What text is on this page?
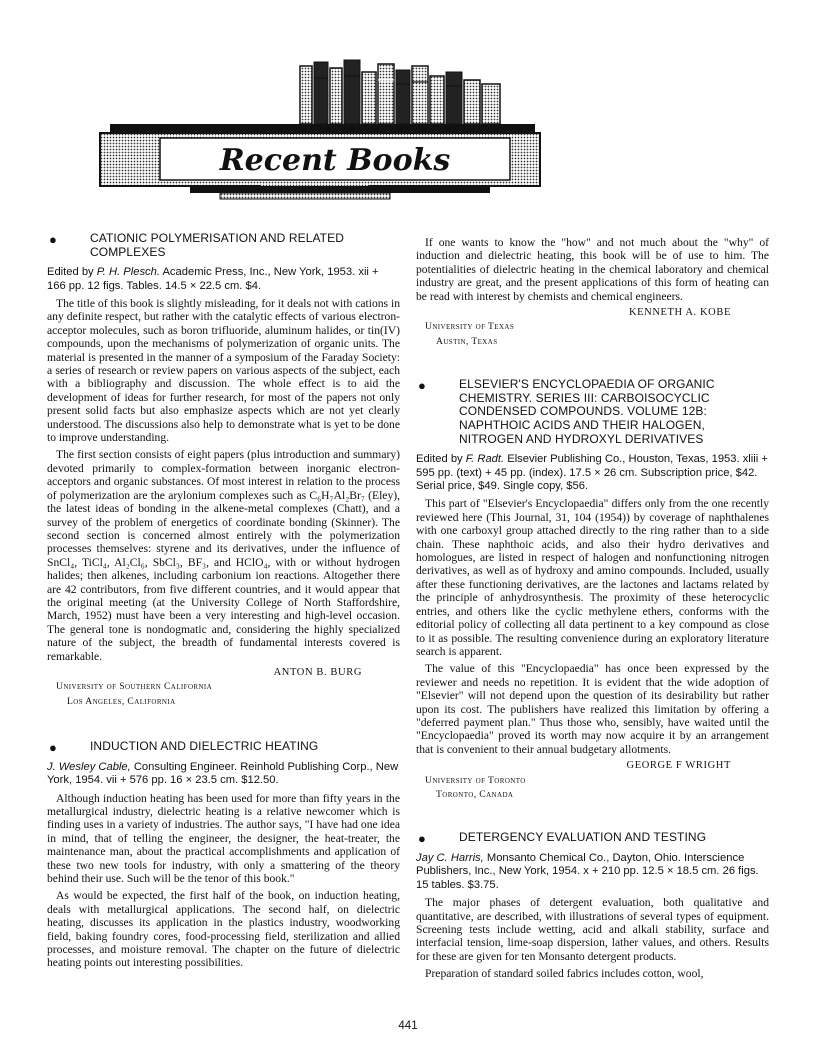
Recent Books
●	CATIONIC POLYMERISATION AND RELATED COMPLEXES
Edited by P. H. Plesch. Academic Press, Inc., New York, 1953. xii + 166 pp. 12 figs. Tables. 14.5 × 22.5 cm. $4.

The title of this book is slightly misleading, for it deals not with cations in any definite respect, but rather with the catalytic effects of various electron-acceptor molecules, such as boron trifluoride, aluminum halides, or tin(IV) compounds, upon the mechanisms of polymerization of organic units. The material is presented in the manner of a symposium of the Faraday Society: a series of research or review papers on various aspects of the subject, each with a bibliography and discussion. The whole effect is to aid the development of ideas for further research, for most of the papers not only present solid facts but also emphasize aspects which are not yet clearly understood. The discussions also help to demonstrate what is yet to be done to improve understanding.

The first section consists of eight papers (plus introduction and summary) devoted primarily to complex-formation between inorganic electron-acceptors and organic substances. Of most interest in relation to the process of polymerization are the arylonium complexes such as C₆H₇Al₂Br₇ (Eley), the latest ideas of bonding in the alkene-metal complexes (Chatt), and a survey of the problem of energetics of coordinate bonding (Skinner). The second section is concerned almost entirely with the polymerization processes themselves: styrene and its derivatives, under the influence of SnCl₄, TiCl₄, Al₂Cl₆, SbCl₃, BF₃, and HClO₄, with or without hydrogen halides; then alkenes, including carbonium ion reactions. Altogether there are 42 contributors, from five different countries, and it would appear that the original meeting (at the University College of North Staffordshire, March, 1952) must have been a very interesting and high-level occasion. The general tone is nondogmatic and, considering the highly specialized nature of the subject, the breadth of fundamental interests covered is remarkable.

ANTON B. BURG
University of Southern California
Los Angeles, California
●	INDUCTION AND DIELECTRIC HEATING
J. Wesley Cable, Consulting Engineer. Reinhold Publishing Corp., New York, 1954. vii + 576 pp. 16 × 23.5 cm. $12.50.

Although induction heating has been used for more than fifty years in the metallurgical industry, dielectric heating is a relative newcomer which is finding uses in a variety of industries. The author says, "I have had one idea in mind, that of telling the engineer, the designer, the heat-treater, the maintenance man, about the practical accomplishments and application of these two new tools for industry, with only a smattering of the theory behind their use. Such will be the tenor of this book."

As would be expected, the first half of the book, on induction heating, deals with metallurgical applications. The second half, on dielectric heating, discusses its application in the plastics industry, woodworking field, baking foundry cores, food-processing field, sterilization and allied processes, and moisture removal. The chapter on the future of dielectric heating points out interesting possibilities.

If one wants to know the "how" and not much about the "why" of induction and dielectric heating, this book will be of use to him. The potentialities of dielectric heating in the chemical laboratory and chemical industry are great, and the present applications of this form of heating can be read with interest by chemists and chemical engineers.

KENNETH A. KOBE
University of Texas
Austin, Texas
●	ELSEVIER'S ENCYCLOPAEDIA OF ORGANIC CHEMISTRY. SERIES III: CARBOISOCYCLIC CONDENSED COMPOUNDS. VOLUME 12B: NAPHTHOIC ACIDS AND THEIR HALOGEN, NITROGEN AND HYDROXYL DERIVATIVES
Edited by F. Radt. Elsevier Publishing Co., Houston, Texas, 1953. xliii + 595 pp. (text) + 45 pp. (index). 17.5 × 26 cm. Subscription price, $42. Serial price, $49. Single copy, $56.

This part of "Elsevier's Encyclopaedia" differs only from the one recently reviewed here (This Journal, 31, 104 (1954)) by coverage of naphthalenes with one carboxyl group attached directly to the ring rather than to a side chain. These naphthoic acids, and also their hydro derivatives and homologues, are listed in respect of halogen and nonfunctioning nitrogen derivatives, as well as of hydroxy and amino compounds. Included, usually after these functioning derivatives, are the lactones and lactams related by the principle of anhydrosynthesis. The proximity of these heterocyclic entries, and others like the cyclic methylene ethers, conforms with the editorial policy of collecting all data pertinent to a key compound as close to it as possible. The resulting convenience during an exploratory literature search is apparent.

The value of this "Encyclopaedia" has once been expressed by the reviewer and needs no repetition. It is evident that the wide adoption of "Elsevier" will not depend upon the question of its desirability but rather upon its cost. The publishers have realized this limitation by offering a "deferred payment plan." Thus those who, sensibly, have waited until the "Encyclopaedia" proved its worth may now acquire it by an arrangement that is convenient to their annual budgetary allotments.

GEORGE F WRIGHT
University of Toronto
Toronto, Canada
●	DETERGENCY EVALUATION AND TESTING
Jay C. Harris, Monsanto Chemical Co., Dayton, Ohio. Interscience Publishers, Inc., New York, 1954. x + 210 pp. 12.5 × 18.5 cm. 26 figs. 15 tables. $3.75.

The major phases of detergent evaluation, both qualitative and quantitative, are described, with illustrations of several types of equipment. Screening tests include wetting, acid and alkali stability, surface and interfacial tension, lime-soap dispersion, lather values, and others. Results for these are given for ten Monsanto detergent products.

Preparation of standard soiled fabrics includes cotton, wool,

441
